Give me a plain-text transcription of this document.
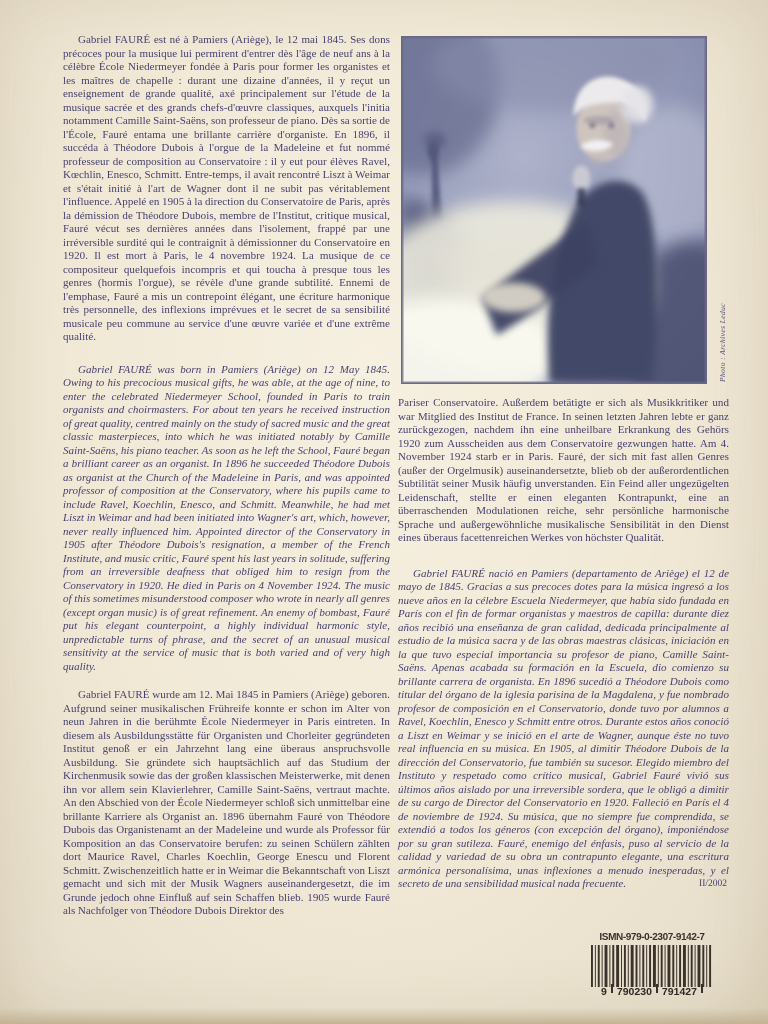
Gabriel FAURÉ est né à Pamiers (Ariège), le 12 mai 1845. Ses dons précoces pour la musique lui permirent d'entrer dès l'âge de neuf ans à la célèbre École Niedermeyer fondée à Paris pour former les organistes et les maîtres de chapelle : durant une dizaine d'années, il y reçut un enseignement de grande qualité, axé principalement sur l'étude de la musique sacrée et des grands chefs-d'œuvre classiques, auxquels l'initia notamment Camille Saint-Saëns, son professeur de piano. Dès sa sortie de l'École, Fauré entama une brillante carrière d'organiste. En 1896, il succéda à Théodore Dubois à l'orgue de la Madeleine et fut nommé professeur de composition au Conservatoire : il y eut pour élèves Ravel, Kœchlin, Enesco, Schmitt. Entre-temps, il avait rencontré Liszt à Weimar et s'était initié à l'art de Wagner dont il ne subit pas véritablement l'influence. Appelé en 1905 à la direction du Conservatoire de Paris, après la démission de Théodore Dubois, membre de l'Institut, critique musical, Fauré vécut ses dernières années dans l'isolement, frappé par une irréversible surdité qui le contraignit à démissionner du Conservatoire en 1920. Il est mort à Paris, le 4 novembre 1924. La musique de ce compositeur quelquefois incompris et qui toucha à presque tous les genres (hormis l'orgue), se révèle d'une grande subtilité. Ennemi de l'emphase, Fauré a mis un contrepoint élégant, une écriture harmonique très personnelle, des inflexions imprévues et le secret de sa sensibilité musicale peu commune au service d'une œuvre variée et d'une extrême qualité.

Gabriel FAURÉ was born in Pamiers (Ariège) on 12 May 1845. Owing to his precocious musical gifts, he was able, at the age of nine, to enter the celebrated Niedermeyer School, founded in Paris to train organists and choirmasters. For about ten years he received instruction of great quality, centred mainly on the study of sacred music and the great classic masterpieces, into which he was initiated notably by Camille Saint-Saëns, his piano teacher. As soon as he left the School, Fauré began a brilliant career as an organist. In 1896 he succeeded Théodore Dubois as organist at the Church of the Madeleine in Paris, and was appointed professor of composition at the Conservatory, where his pupils came to include Ravel, Koechlin, Enesco, and Schmitt. Meanwhile, he had met Liszt in Weimar and had been initiated into Wagner's art, which, however, never really influenced him. Appointed director of the Conservatory in 1905 after Théodore Dubois's resignation, a member of the French Institute, and music critic, Fauré spent his last years in solitude, suffering from an irreversible deafness that obliged him to resign from the Conservatory in 1920. He died in Paris on 4 November 1924. The music of this sometimes misunderstood composer who wrote in nearly all genres (except organ music) is of great refinement. An enemy of bombast, Fauré put his elegant counterpoint, a highly individual harmonic style, unpredictable turns of phrase, and the secret of an unusual musical sensitivity at the service of music that is both varied and of very high quality.

Gabriel FAURÉ wurde am 12. Mai 1845 in Pamiers (Ariège) geboren. Aufgrund seiner musikalischen Frühreife konnte er schon im Alter von neun Jahren in die berühmte École Niedermeyer in Paris eintreten. In diesem als Ausbildungsstätte für Organisten und Chorleiter gegründeten Institut genoß er ein Jahrzehnt lang eine überaus anspruchsvolle Ausbildung. Sie gründete sich hauptsächlich auf das Studium der Kirchenmusik sowie das der großen klassischen Meisterwerke, mit denen ihn vor allem sein Klavierlehrer, Camille Saint-Saëns, vertraut machte. An den Abschied von der École Niedermeyer schloß sich unmittelbar eine brillante Karriere als Organist an. 1896 übernahm Fauré von Théodore Dubois das Organistenamt an der Madeleine und wurde als Professor für Komposition an das Conservatoire berufen: zu seinen Schülern zählten dort Maurice Ravel, Charles Koechlin, George Enescu und Florent Schmitt. Zwischenzeitlich hatte er in Weimar die Bekanntschaft von Liszt gemacht und sich mit der Musik Wagners auseinandergesetzt, die im Grunde jedoch ohne Einfluß auf sein Schaffen blieb. 1905 wurde Fauré als Nachfolger von Théodore Dubois Direktor des

Photo : Archives Leduc

Pariser Conservatoire. Außerdem betätigte er sich als Musikkritiker und war Mitglied des Institut de France. In seinen letzten Jahren lebte er ganz zurückgezogen, nachdem ihn eine unheilbare Erkrankung des Gehörs 1920 zum Ausscheiden aus dem Conservatoire gezwungen hatte. Am 4. November 1924 starb er in Paris. Fauré, der sich mit fast allen Genres (außer der Orgelmusik) auseinandersetzte, blieb ob der außerordentlichen Subtilität seiner Musik häufig unverstanden. Ein Feind aller ungezügelten Leidenschaft, stellte er einen eleganten Kontrapunkt, eine an überraschenden Modulationen reiche, sehr persönliche harmonische Sprache und außergewöhnliche musikalische Sensibilität in den Dienst eines überaus facettenreichen Werkes von höchster Qualität.

Gabriel FAURÉ nació en Pamiers (departamento de Ariège) el 12 de mayo de 1845. Gracias a sus precoces dotes para la música ingresó a los nueve años en la célebre Escuela Niedermeyer, que había sido fundada en París con el fin de formar organistas y maestros de capilla: durante diez años recibió una enseñanza de gran calidad, dedicada principalmente al estudio de la música sacra y de las obras maestras clásicas, iniciación en la que tuvo especial importancia su profesor de piano, Camille Saint-Saëns. Apenas acabada su formación en la Escuela, dio comienzo su brillante carrera de organista. En 1896 sucedió a Théodore Dubois como titular del órgano de la iglesia parisina de la Magdalena, y fue nombrado profesor de composición en el Conservatorio, donde tuvo por alumnos a Ravel, Koechlin, Enesco y Schmitt entre otros. Durante estos años conoció a Liszt en Weimar y se inició en el arte de Wagner, aunque éste no tuvo real influencia en su música. En 1905, al dimitir Théodore Dubois de la dirección del Conservatorio, fue también su sucesor. Elegido miembro del Instituto y respetado como crítico musical, Gabriel Fauré vivió sus últimos años aislado por una irreversible sordera, que le obligó a dimitir de su cargo de Director del Conservatorio en 1920. Falleció en París el 4 de noviembre de 1924. Su música, que no siempre fue comprendida, se extendió a todos los géneros (con excepción del órgano), imponiéndose por su gran sutileza. Fauré, enemigo del énfasis, puso al servicio de la calidad y variedad de su obra un contrapunto elegante, una escritura armónica personalísima, unas inflexiones a menudo inesperadas, y el secreto de una sensibilidad musical nada frecuente.	II/2002
ISMN-979-0-2307-9142-7
9 790230 791427
